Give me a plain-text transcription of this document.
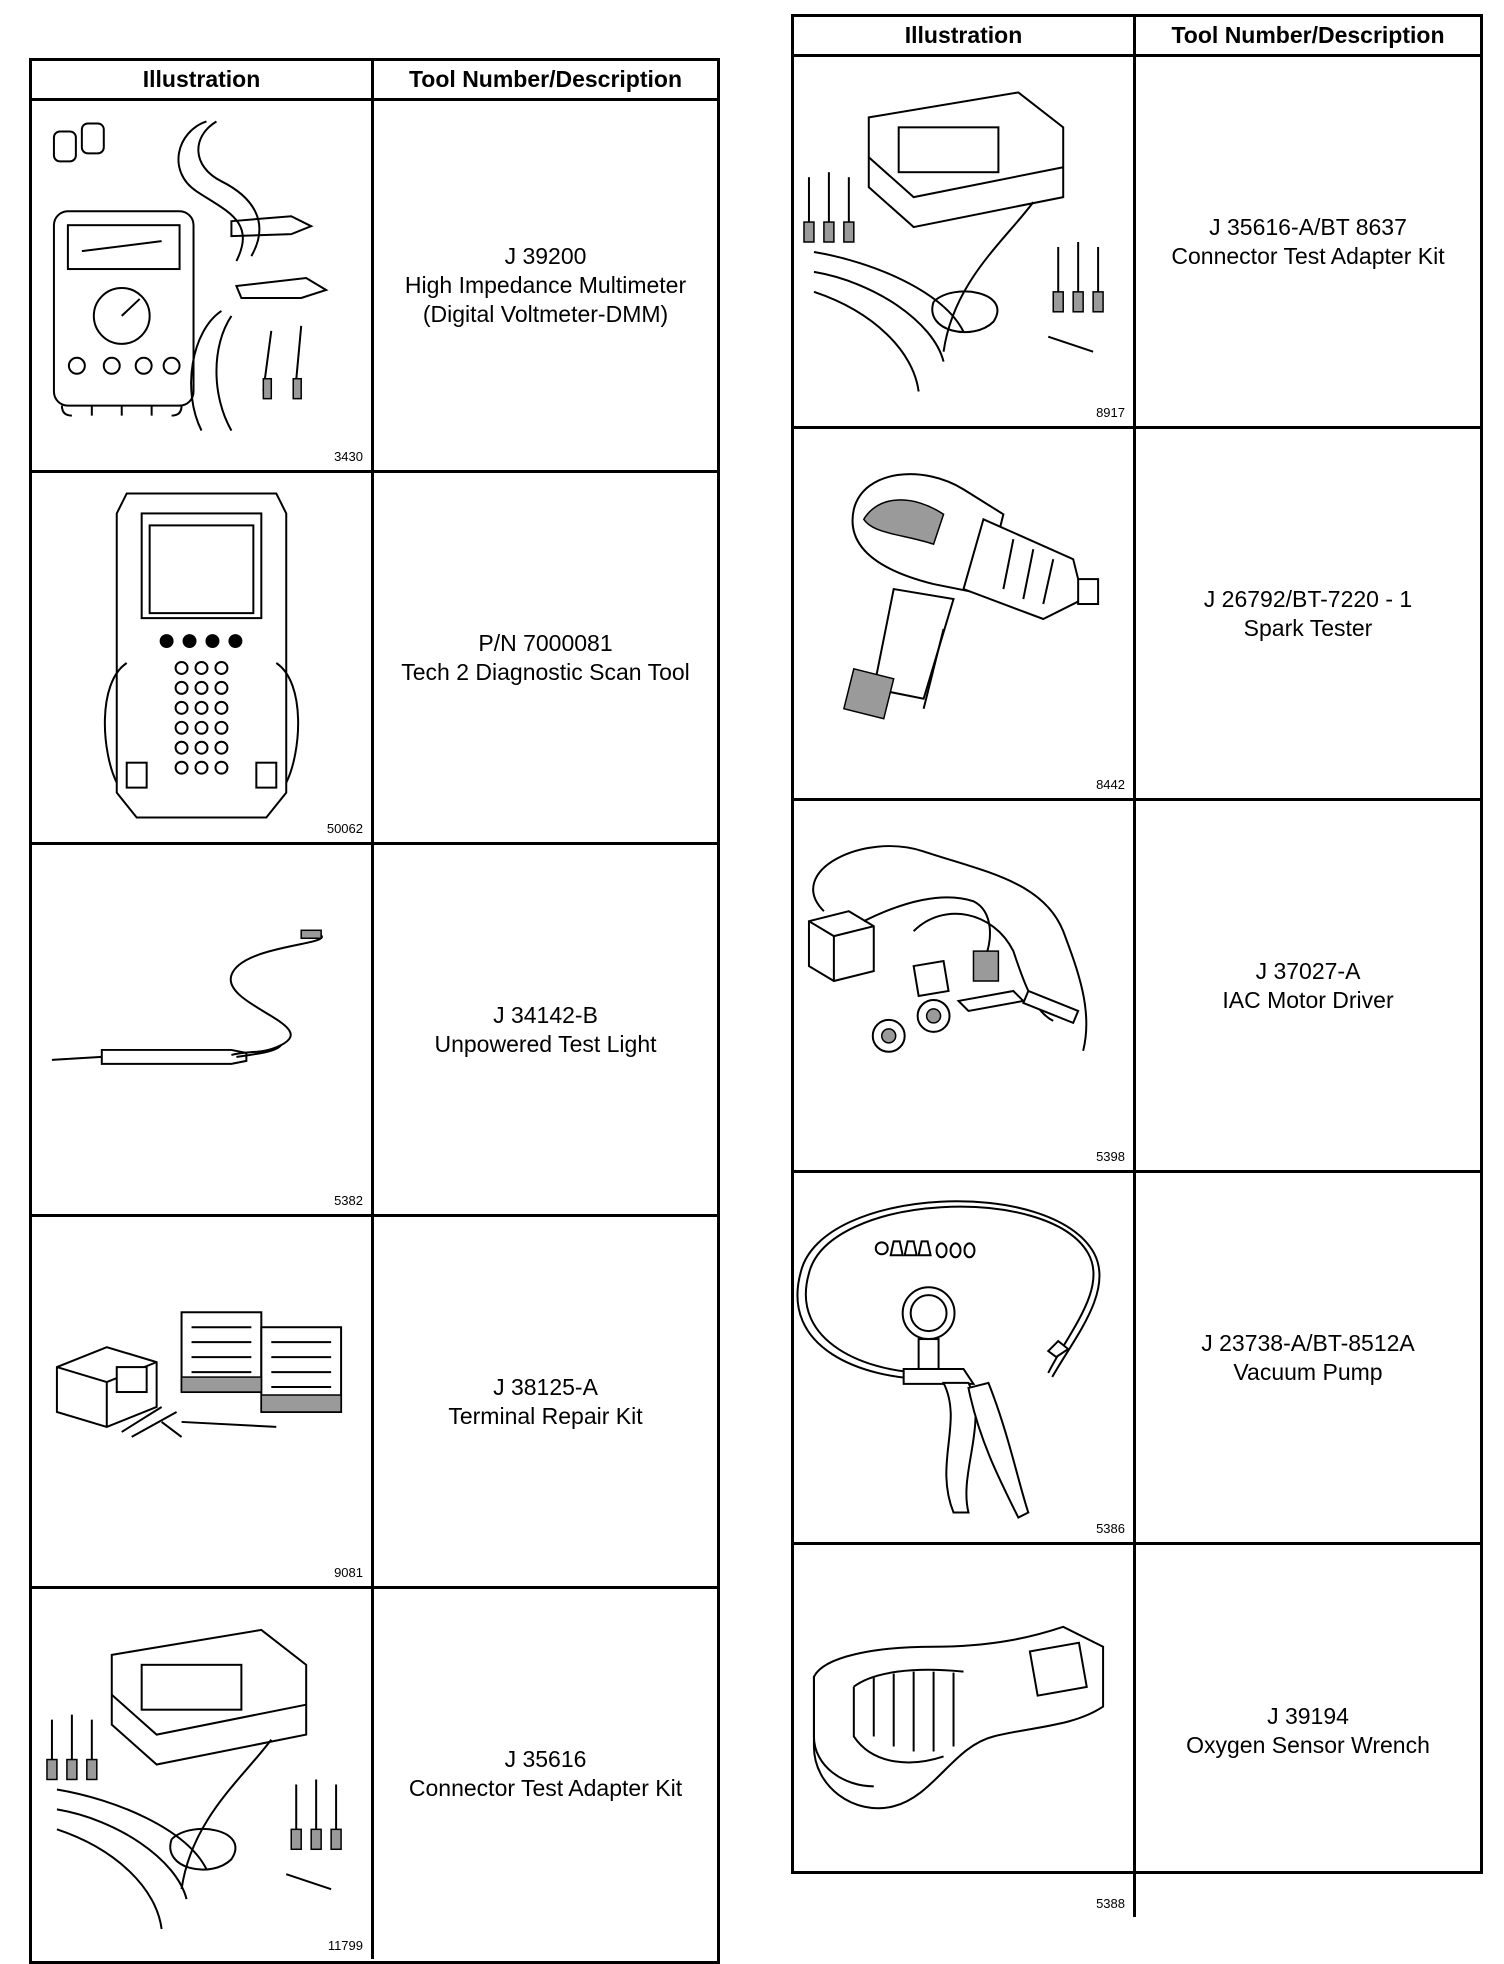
Illustration	Tool Number/Description
3430
J 39200
High Impedance Multimeter
(Digital Voltmeter-DMM)
50062
P/N 7000081
Tech 2 Diagnostic Scan Tool
5382
J 34142-B
Unpowered Test Light
9081
J 38125-A
Terminal Repair Kit
11799
J 35616
Connector Test Adapter Kit
Illustration	Tool Number/Description
8917
J 35616-A/BT 8637
Connector Test Adapter Kit
8442
J 26792/BT-7220 - 1
Spark Tester
5398
J 37027-A
IAC Motor Driver
5386
J 23738-A/BT-8512A
Vacuum Pump
5388
J 39194
Oxygen Sensor Wrench
